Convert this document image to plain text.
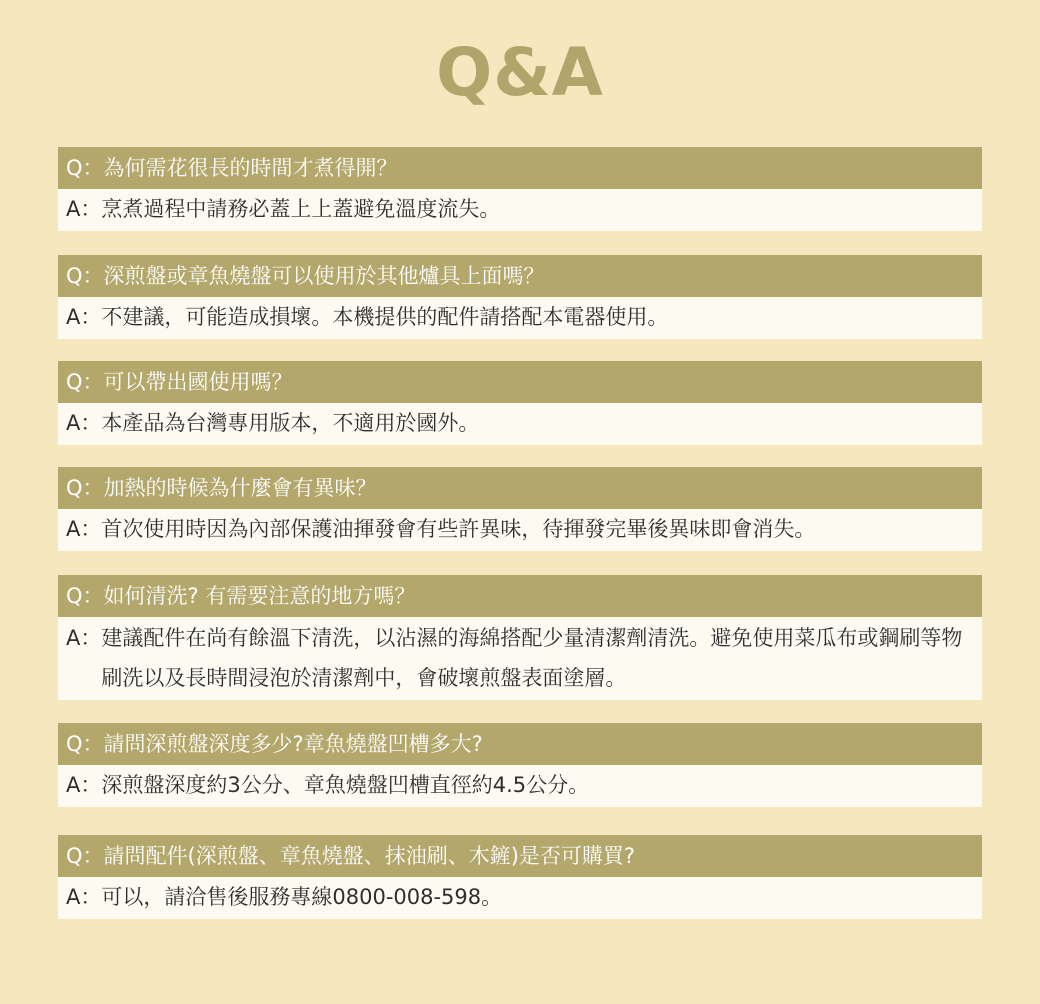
Q&A
Q：為何需花很長的時間才煮得開？
A： 烹煮過程中請務必蓋上上蓋避免溫度流失。
Q：深煎盤或章魚燒盤可以使用於其他爐具上面嗎？
A： 不建議，可能造成損壞。本機提供的配件請搭配本電器使用。
Q：可以帶出國使用嗎？
A： 本產品為台灣專用版本，不適用於國外。
Q：加熱的時候為什麼會有異味？
A： 首次使用時因為內部保護油揮發會有些許異味，待揮發完畢後異味即會消失。
Q：如何清洗? 有需要注意的地方嗎？
A： 建議配件在尚有餘溫下清洗，以沾濕的海綿搭配少量清潔劑清洗。避免使用菜瓜布或鋼刷等物刷洗以及長時間浸泡於清潔劑中，會破壞煎盤表面塗層。
Q：請問深煎盤深度多少?章魚燒盤凹槽多大?
A： 深煎盤深度約3公分、章魚燒盤凹槽直徑約4.5公分。
Q：請問配件(深煎盤、章魚燒盤、抹油刷、木鏟)是否可購買?
A： 可以，請洽售後服務專線0800-008-598。
